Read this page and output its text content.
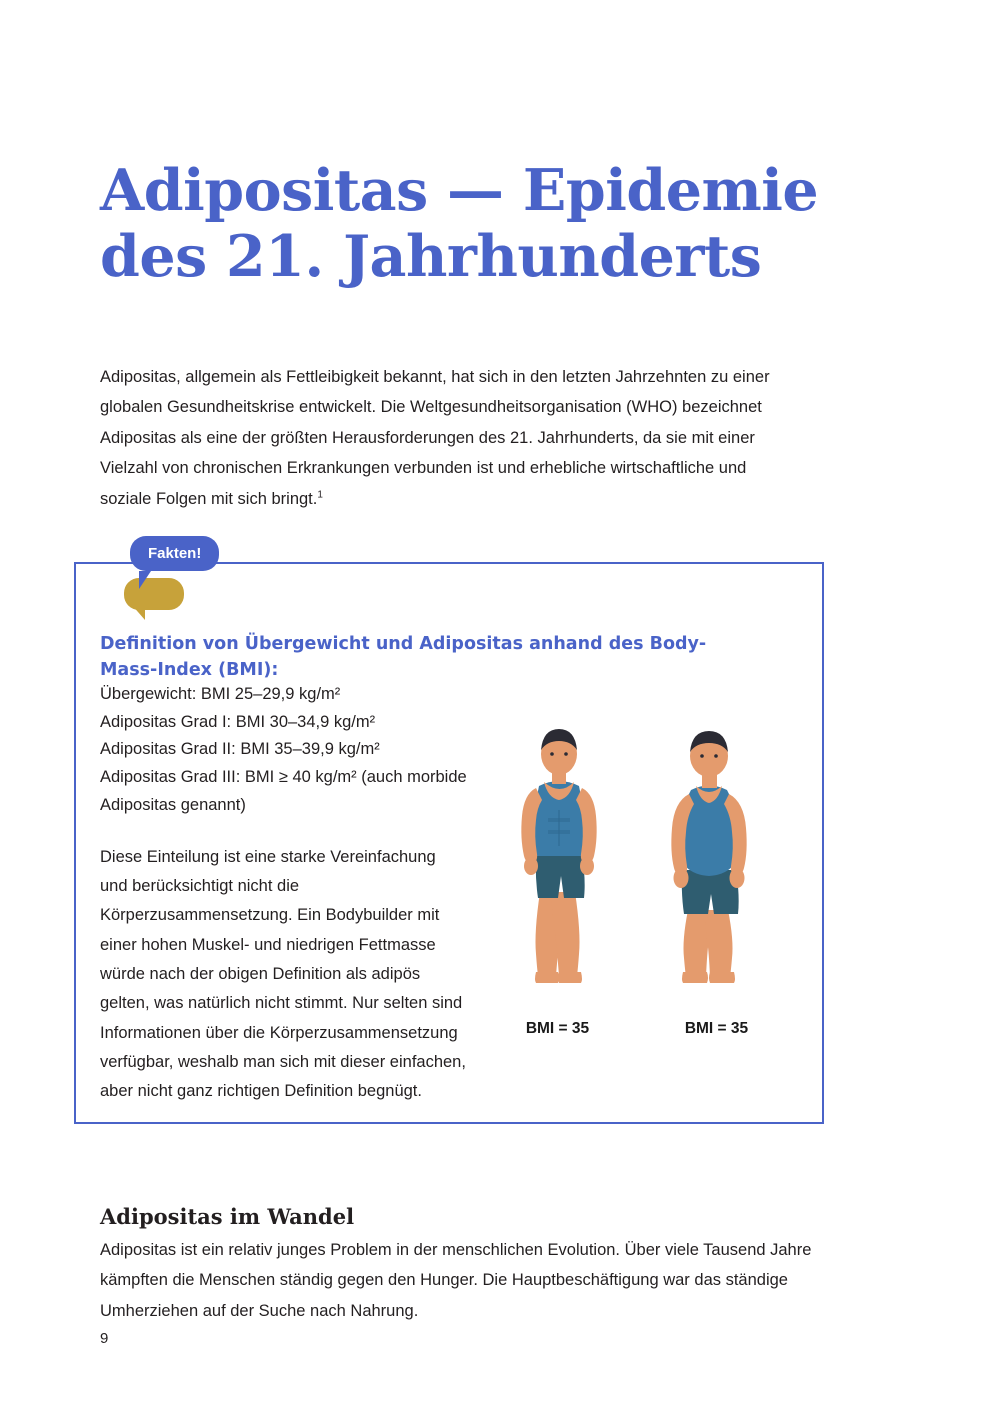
Adipositas — Epidemie
des 21. Jahrhunderts

Adipositas, allgemein als Fettleibigkeit bekannt, hat sich in den letzten Jahrzehnten zu einer globalen Gesundheitskrise entwickelt. Die Weltgesundheitsorganisation (WHO) bezeichnet Adipositas als eine der größten Herausforderungen des 21. Jahrhunderts, da sie mit einer Vielzahl von chronischen Erkrankungen verbunden ist und erhebliche wirtschaftliche und soziale Folgen mit sich bringt.$^1$

Fakten!
Definition von Übergewicht und Adipositas anhand des Body-Mass-Index (BMI):
Übergewicht: BMI 25–29,9 kg/m²
Adipositas Grad I: BMI 30–34,9 kg/m²
Adipositas Grad II: BMI 35–39,9 kg/m²
Adipositas Grad III: BMI ≥ 40 kg/m² (auch morbide Adipositas genannt)

Diese Einteilung ist eine starke Vereinfachung und berücksichtigt nicht die Körperzusammensetzung. Ein Bodybuilder mit einer hohen Muskel- und niedrigen Fettmasse würde nach der obigen Definition als adipös gelten, was natürlich nicht stimmt. Nur selten sind Informationen über die Körperzusammensetzung verfügbar, weshalb man sich mit dieser einfachen, aber nicht ganz richtigen Definition begnügt.

BMI = 35	BMI = 35
Adipositas im Wandel

Adipositas ist ein relativ junges Problem in der menschlichen Evolution. Über viele Tausend Jahre kämpften die Menschen ständig gegen den Hunger. Die Hauptbeschäftigung war das ständige Umherziehen auf der Suche nach Nahrung.

9
